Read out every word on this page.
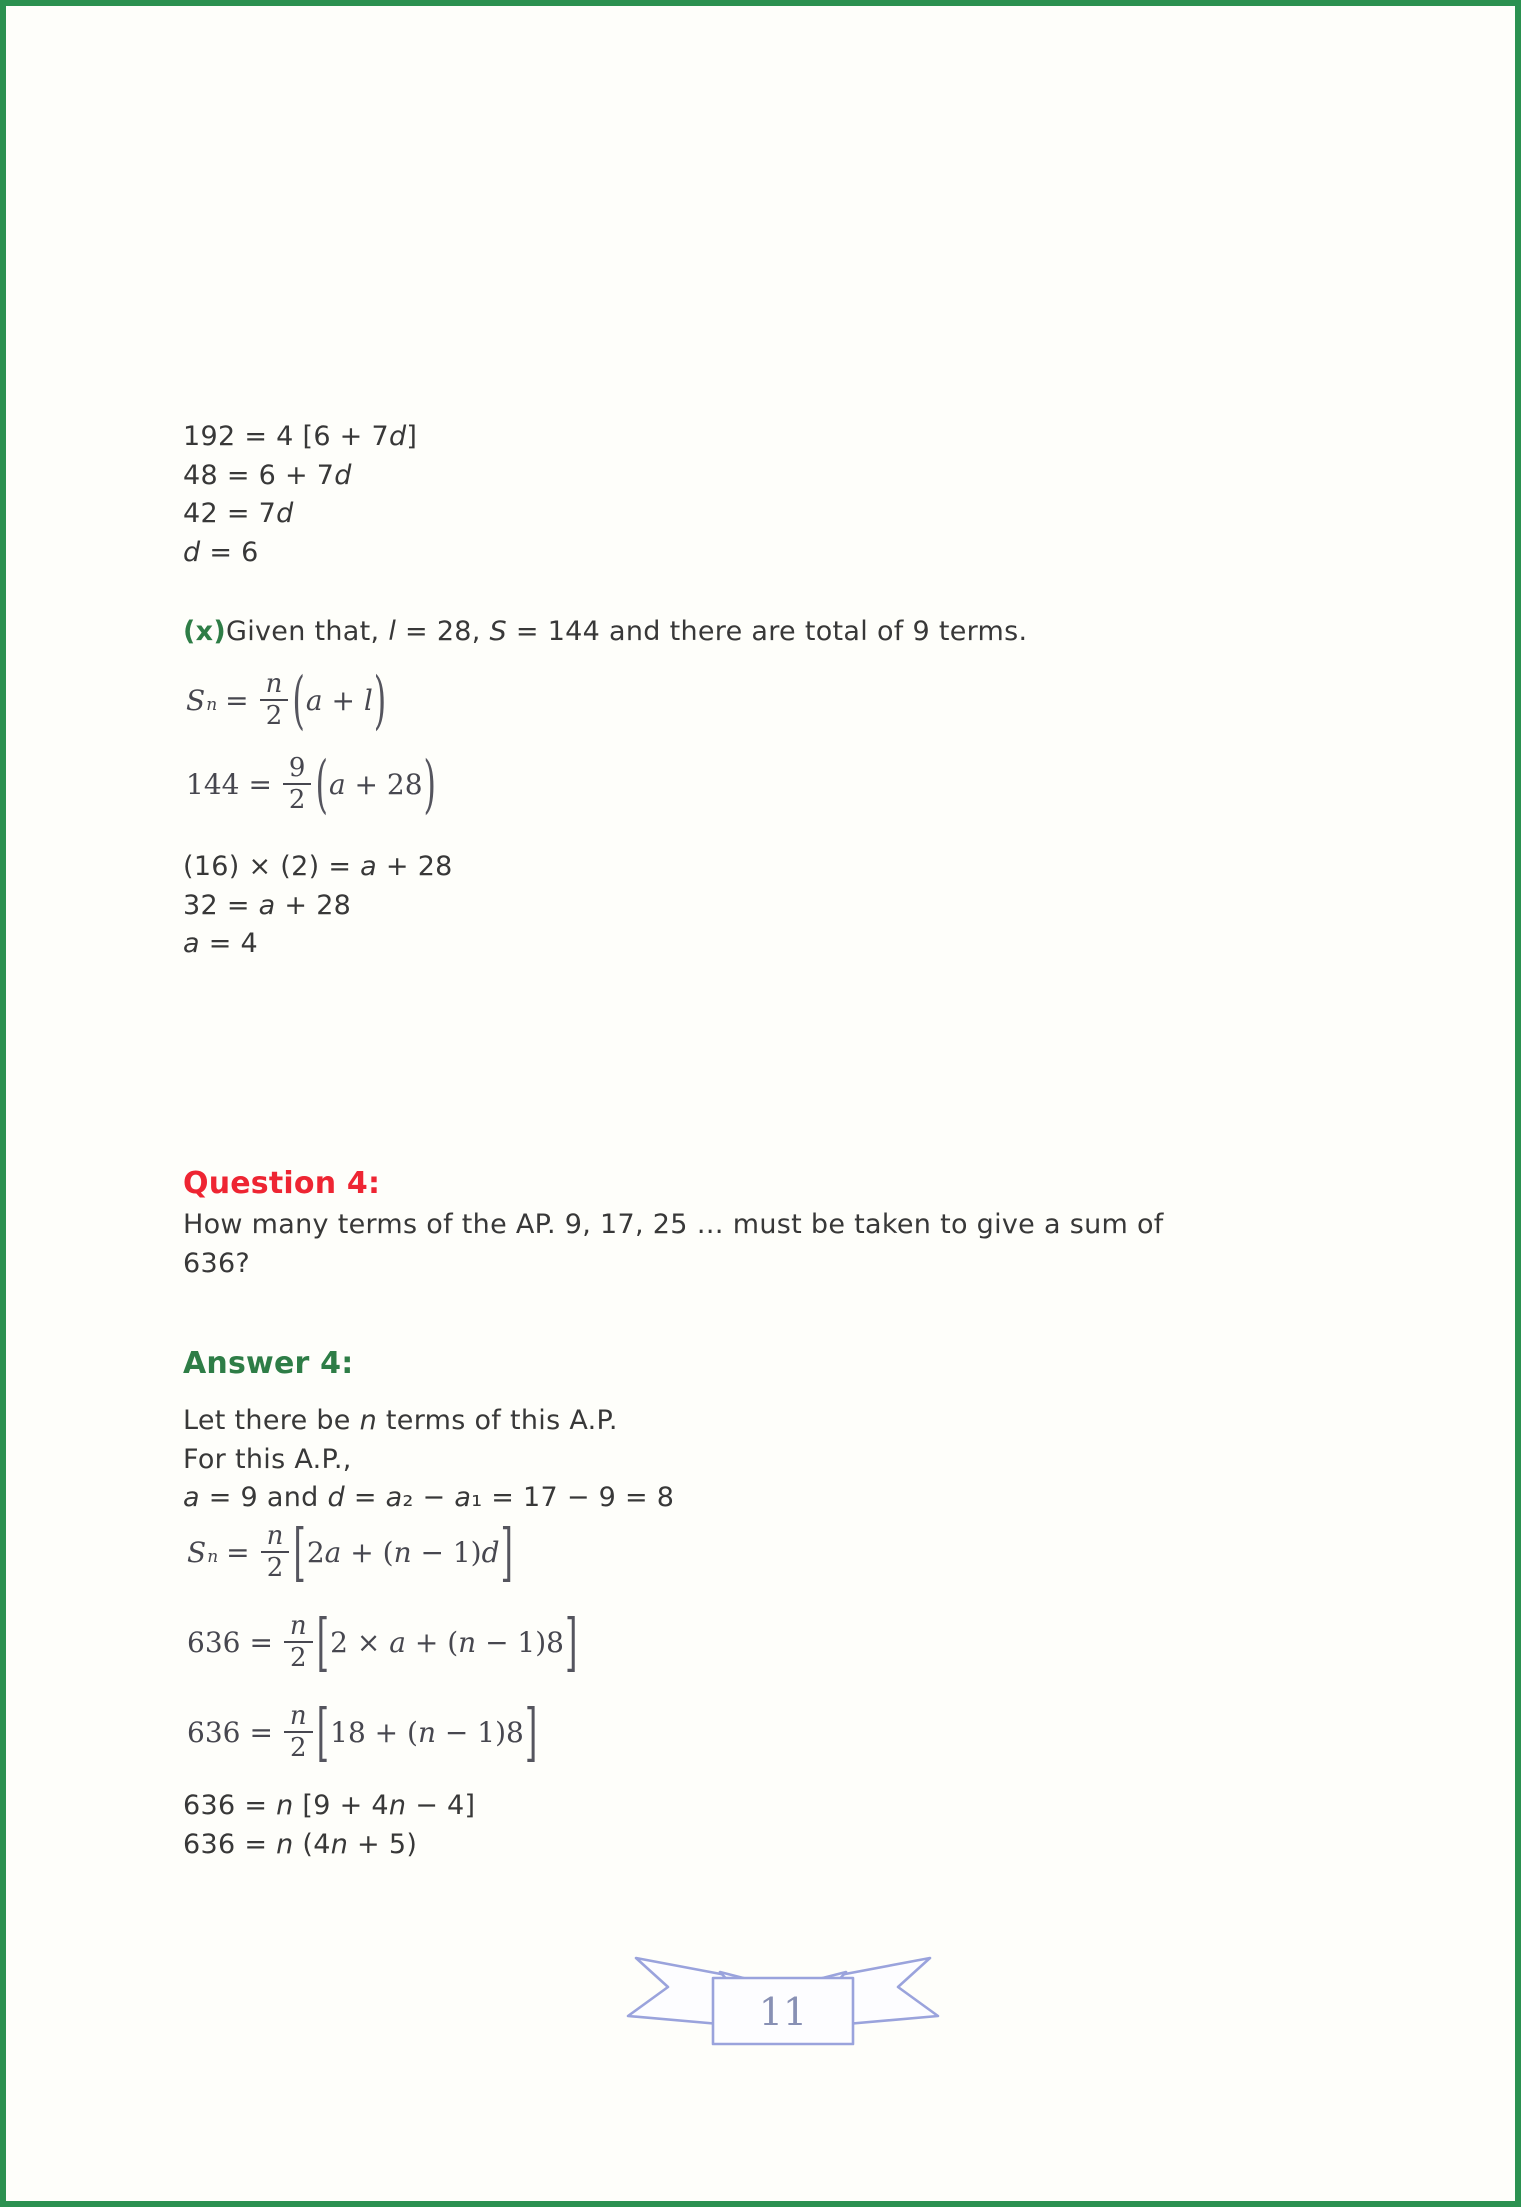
192 = 4 [6 + 7d]
48 = 6 + 7d
42 = 7d
d = 6
(x)Given that, l = 28, S = 144 and there are total of 9 terms.
S $n = \frac{n}{2}$ ( a + l )
$144 = \frac{9}{2}$ ( a + 28 )
(16) × (2) = a + 28
32 = a + 28
a = 4
Question 4:
How many terms of the AP. 9, 17, 25 … must be taken to give a sum of
636?
Answer 4:
Let there be n terms of this A.P.
For this A.P.,
a = 9 and d = a₂ − a₁ = 17 − 9 = 8
S $n = \frac{n}{2}$ [ 2a + (n − 1)d ]
$636 = \frac{n}{2}$ [ 2 × a + (n − 1)8 ]
$636 = \frac{n}{2}$ [ 18 + (n − 1)8 ]
636 = n [9 + 4n − 4]
636 = n (4n + 5)
11
